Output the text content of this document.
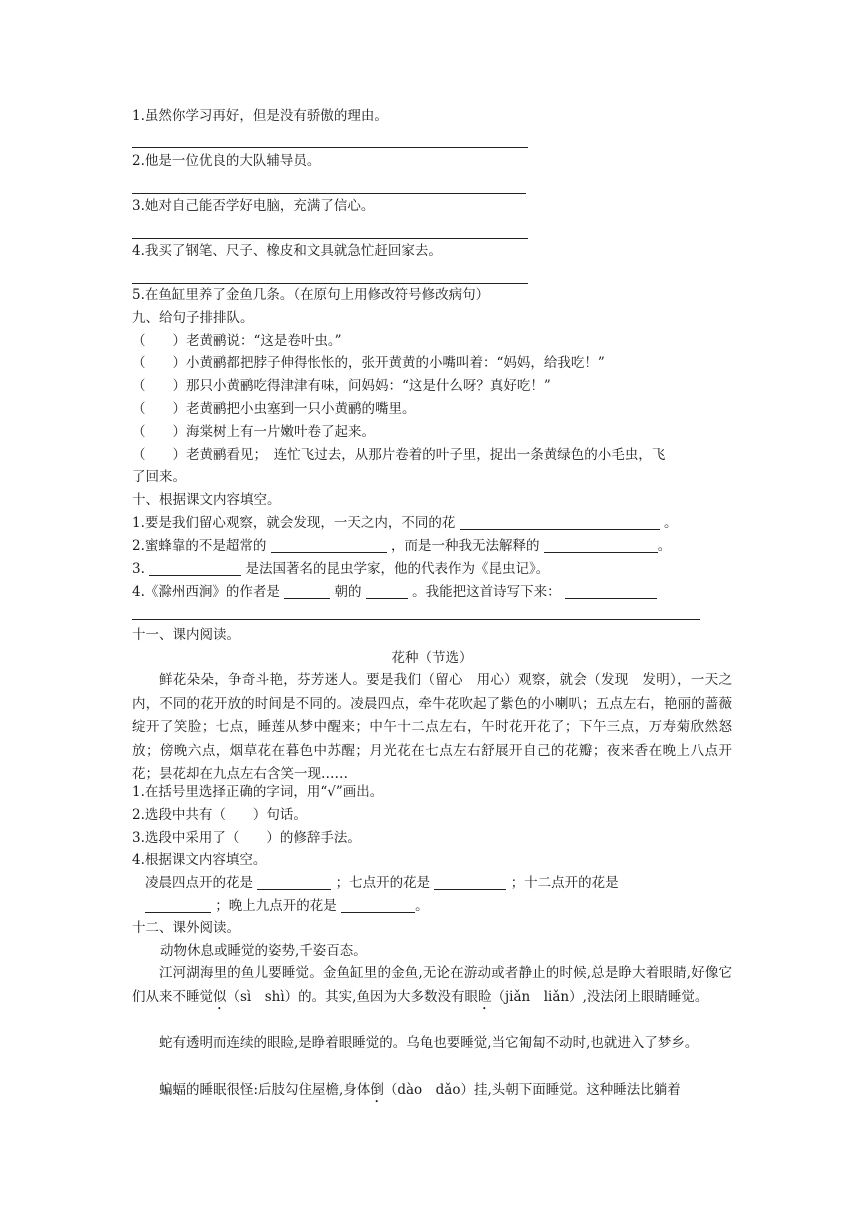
1.虽然你学习再好，但是没有骄傲的理由。
2.他是一位优良的大队辅导员。
3.她对自己能否学好电脑，充满了信心。
4.我买了钢笔、尺子、橡皮和文具就急忙赶回家去。
5.在鱼缸里养了金鱼几条。（在原句上用修改符号修改病句）
九、给句子排排队。
（　　）老黄鹂说：“这是卷叶虫。”
（　　）小黄鹂都把脖子伸得怅怅的，张开黄黄的小嘴叫着：“妈妈，给我吃！”
（　　）那只小黄鹂吃得津津有味，问妈妈：“这是什么呀？真好吃！”
（　　）老黄鹂把小虫塞到一只小黄鹂的嘴里。
（　　）海棠树上有一片嫩叶卷了起来。
（　　）老黄鹂看见；　连忙飞过去，从那片卷着的叶子里，捉出一条黄绿色的小毛虫，飞
了回来。
十、根据课文内容填空。
1.要是我们留心观察，就会发现，一天之内，不同的花	。
2.蜜蜂靠的不是超常的	，而是一种我无法解释的	。
3.	是法国著名的昆虫学家，他的代表作为《昆虫记》。
4.《滁州西涧》的作者是	朝的	。我能把这首诗写下来：
十一、课内阅读。
花种（节选）
鲜花朵朵，争奇斗艳，芬芳迷人。要是我们（留心　用心）观察，就会（发现　发明），一天之内，不同的花开放的时间是不同的。凌晨四点，牵牛花吹起了紫色的小喇叭；五点左右，艳丽的蔷薇绽开了笑脸；七点，睡莲从梦中醒来；中午十二点左右，午时花开花了；下午三点，万寿菊欣然怒放；傍晚六点，烟草花在暮色中苏醒；月光花在七点左右舒展开自己的花瓣；夜来香在晚上八点开花；昙花却在九点左右含笑一现……
1.在括号里选择正确的字词，用“√”画出。
2.选段中共有（　　）句话。
3.选段中采用了（　　）的修辞手法。
4.根据课文内容填空。
凌晨四点开的花是	；七点开的花是	；十二点开的花是
；晚上九点开的花是	。
十二、课外阅读。
动物休息或睡觉的姿势,千姿百态。
江河湖海里的鱼儿要睡觉。金鱼缸里的金鱼,无论在游动或者静止的时候,总是睁大着眼睛,好像它们从来不睡觉似（sì　shì）的。其实,鱼因为大多数没有眼睑（jiǎn　liǎn）,没法闭上眼睛睡觉。
蛇有透明而连续的眼睑,是睁着眼睡觉的。乌龟也要睡觉,当它匍匐不动时,也就进入了梦乡。
蝙蝠的睡眠很怪:后肢勾住屋檐,身体倒（dào　dǎo）挂,头朝下面睡觉。这种睡法比躺着
